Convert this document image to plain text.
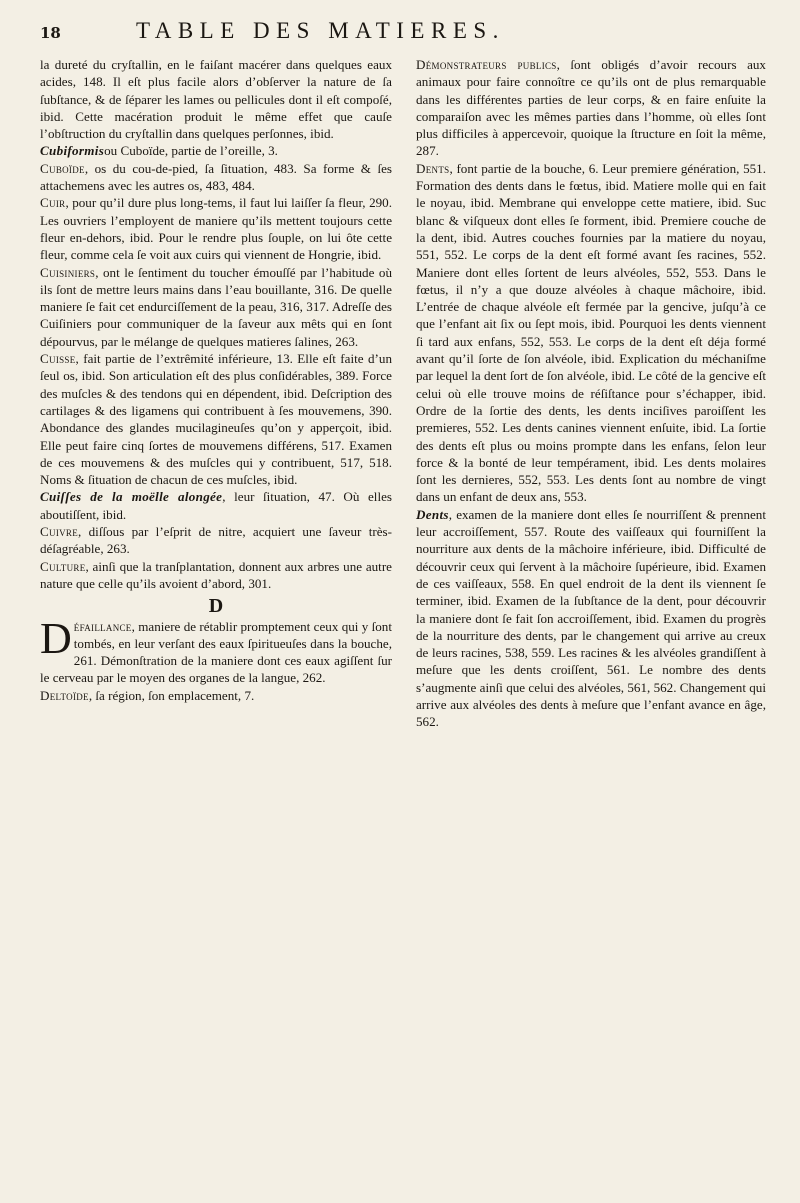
18	TABLE DES MATIERES.

la dureté du cryſtallin, en le faiſant macérer dans quelques eaux acides, 148. Il eſt plus facile alors d’obſerver la nature de ſa ſubſtance, & de ſéparer les lames ou pellicules dont il eſt compoſé, ibid. Cette macération produit le même effet que cauſe l’obſtruction du cryſtallin dans quelques perſonnes, ibid.

Cubiformisou Cuboïde, partie de l’oreille, 3.

Cuboïde, os du cou-de-pied, ſa ſituation, 483. Sa forme & ſes attachemens avec les autres os, 483, 484.

Cuir, pour qu’il dure plus long-tems, il faut lui laiſſer ſa fleur, 290. Les ouvriers l’employent de maniere qu’ils mettent toujours cette fleur en-dehors, ibid. Pour le rendre plus ſouple, on lui ôte cette fleur, comme cela ſe voit aux cuirs qui viennent de Hongrie, ibid.

Cuisiniers, ont le ſentiment du toucher émouſſé par l’habitude où ils ſont de mettre leurs mains dans l’eau bouillante, 316. De quelle maniere ſe fait cet endurciſſement de la peau, 316, 317. Adreſſe des Cuiſiniers pour communiquer de la ſaveur aux mêts qui en ſont dépourvus, par le mélange de quelques matieres ſalines, 263.

Cuisse, fait partie de l’extrêmité inférieure, 13. Elle eſt faite d’un ſeul os, ibid. Son articulation eſt des plus conſidérables, 389. Force des muſcles & des tendons qui en dépendent, ibid. Deſcription des cartilages & des ligamens qui contribuent à ſes mouvemens, 390. Abondance des glandes mucilagineuſes qu’on y apperçoit, ibid. Elle peut faire cinq ſortes de mouvemens différens, 517. Examen de ces mouvemens & des muſcles qui y contribuent, 517, 518. Noms & ſituation de chacun de ces muſcles, ibid.

Cuiſſes de la moëlle alongée, leur ſituation, 47. Où elles aboutiſſent, ibid.

Cuivre, diſſous par l’eſprit de nitre, acquiert une ſaveur très-déſagréable, 263.

Culture, ainſi que la tranſplantation, donnent aux arbres une autre nature que celle qu’ils avoient d’abord, 301.

D

Défaillance, maniere de rétablir promptement ceux qui y ſont tombés, en leur verſant des eaux ſpiritueuſes dans la bouche, 261. Démonſtration de la maniere dont ces eaux agiſſent ſur le cerveau par le moyen des organes de la langue, 262.

Deltoïde, ſa région, ſon emplacement, 7.

Démonstrateurs publics, ſont obligés d’avoir recours aux animaux pour faire connoître ce qu’ils ont de plus remarquable dans les différentes parties de leur corps, & en faire enſuite la comparaiſon avec les mêmes parties dans l’homme, où elles ſont plus difficiles à appercevoir, quoique la ſtructure en ſoit la même, 287.

Dents, font partie de la bouche, 6. Leur premiere génération, 551. Formation des dents dans le fœtus, ibid. Matiere molle qui en fait le noyau, ibid. Membrane qui enveloppe cette matiere, ibid. Suc blanc & viſqueux dont elles ſe forment, ibid. Premiere couche de la dent, ibid. Autres couches fournies par la matiere du noyau, 551, 552. Le corps de la dent eſt formé avant ſes racines, 552. Maniere dont elles ſortent de leurs alvéoles, 552, 553. Dans le fœtus, il n’y a que douze alvéoles à chaque mâchoire, ibid. L’entrée de chaque alvéole eſt fermée par la gencive, juſqu’à ce que l’enfant ait ſix ou ſept mois, ibid. Pourquoi les dents viennent ſi tard aux enfans, 552, 553. Le corps de la dent eſt déja formé avant qu’il ſorte de ſon alvéole, ibid. Explication du méchaniſme par lequel la dent ſort de ſon alvéole, ibid. Le côté de la gencive eſt celui où elle trouve moins de réſiſtance pour s’échapper, ibid. Ordre de la ſortie des dents, les dents inciſives paroiſſent les premieres, 552. Les dents canines viennent enſuite, ibid. La ſortie des dents eſt plus ou moins prompte dans les enfans, ſelon leur force & la bonté de leur tempérament, ibid. Les dents molaires ſont les dernieres, 552, 553. Les dents ſont au nombre de vingt dans un enfant de deux ans, 553.

Dents, examen de la maniere dont elles ſe nourriſſent & prennent leur accroiſſement, 557. Route des vaiſſeaux qui fourniſſent la nourriture aux dents de la mâchoire inférieure, ibid. Difficulté de découvrir ceux qui ſervent à la mâchoire ſupérieure, ibid. Examen de ces vaiſſeaux, 558. En quel endroit de la dent ils viennent ſe terminer, ibid. Examen de la ſubſtance de la dent, pour découvrir la maniere dont ſe fait ſon accroiſſement, ibid. Examen du progrès de la nourriture des dents, par le changement qui arrive au creux de leurs racines, 538, 559. Les racines & les alvéoles grandiſſent à meſure que les dents croiſſent, 561. Le nombre des dents s’augmente ainſi que celui des alvéoles, 561, 562. Changement qui arrive aux alvéoles des dents à meſure que l’enfant avance en âge, 562.
